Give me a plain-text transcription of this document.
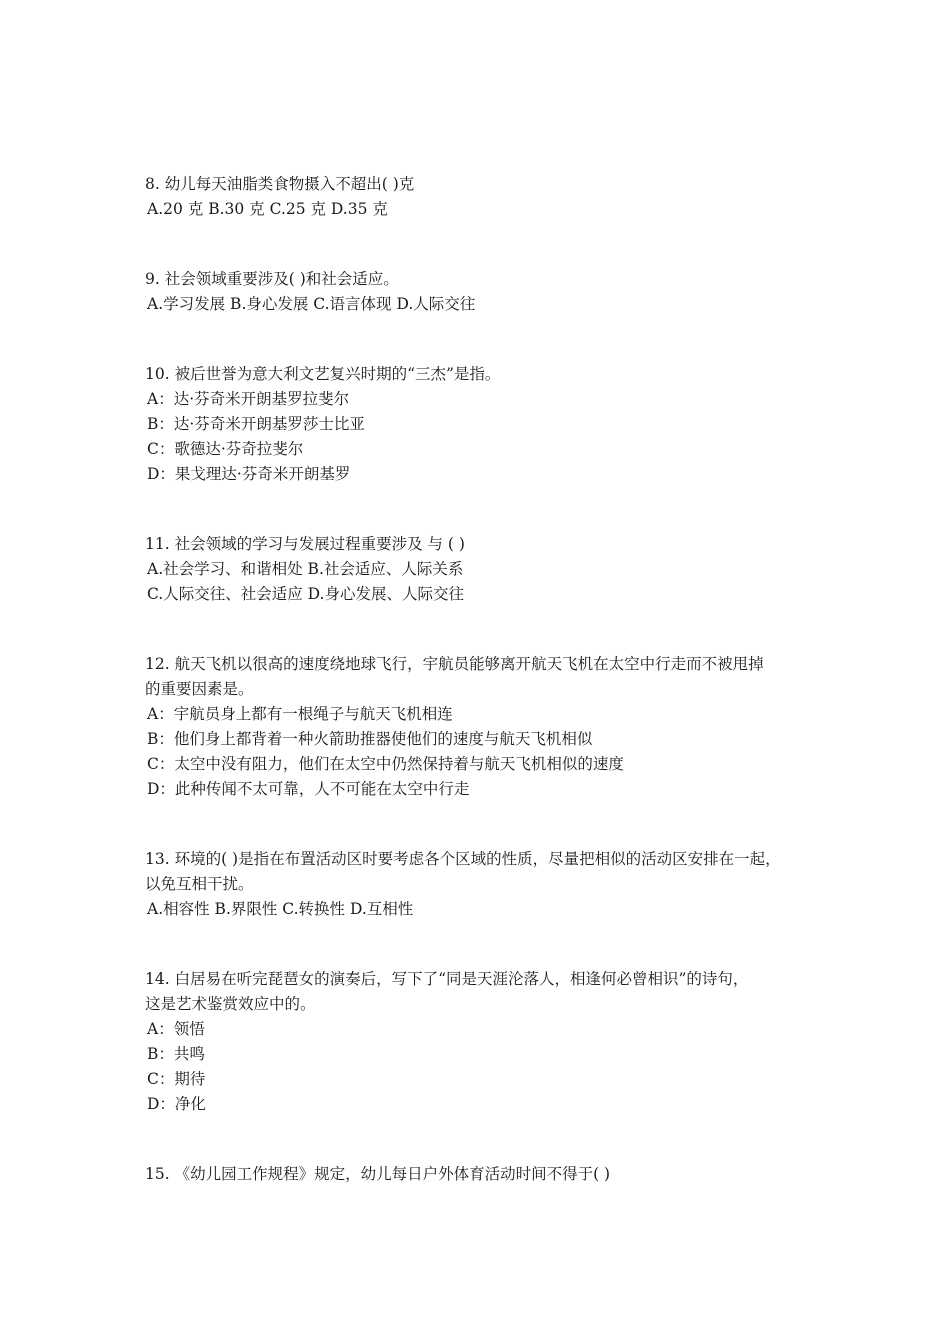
8. 幼儿每天油脂类食物摄入不超出( )克
A.20 克 B.30 克 C.25 克 D.35 克
9. 社会领域重要涉及( )和社会适应。
A.学习发展 B.身心发展 C.语言体现 D.人际交往
10. 被后世誉为意大利文艺复兴时期的“三杰”是指。
A：达·芬奇米开朗基罗拉斐尔
B：达·芬奇米开朗基罗莎士比亚
C：歌德达·芬奇拉斐尔
D：果戈理达·芬奇米开朗基罗
11. 社会领域的学习与发展过程重要涉及 与 ( )
A.社会学习、和谐相处 B.社会适应、人际关系
C.人际交往、社会适应 D.身心发展、人际交往
12. 航天飞机以很高的速度绕地球飞行，宇航员能够离开航天飞机在太空中行走而不被甩掉
的重要因素是。
A：宇航员身上都有一根绳子与航天飞机相连
B：他们身上都背着一种火箭助推器使他们的速度与航天飞机相似
C：太空中没有阻力，他们在太空中仍然保持着与航天飞机相似的速度
D：此种传闻不太可靠，人不可能在太空中行走
13. 环境的( )是指在布置活动区时要考虑各个区域的性质，尽量把相似的活动区安排在一起，
以免互相干扰。
A.相容性 B.界限性 C.转换性 D.互相性
14. 白居易在听完琵琶女的演奏后，写下了“同是天涯沦落人，相逢何必曾相识”的诗句，
这是艺术鉴赏效应中的。
A：领悟
B：共鸣
C：期待
D：净化
15. 《幼儿园工作规程》规定，幼儿每日户外体育活动时间不得于( )
